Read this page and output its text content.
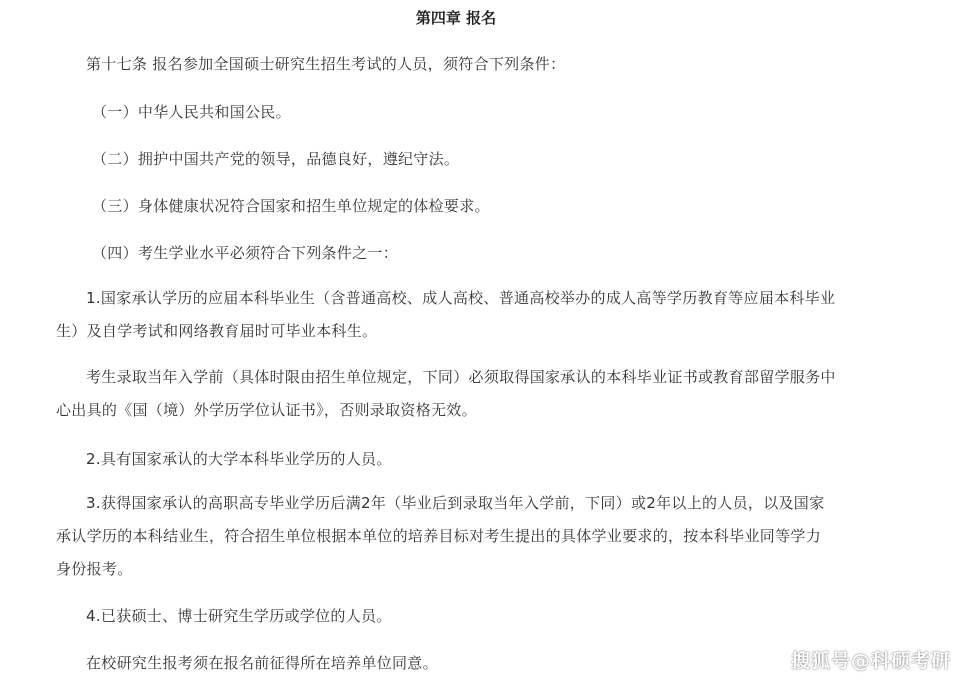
第四章 报名

第十七条 报名参加全国硕士研究生招生考试的人员，须符合下列条件：

（一）中华人民共和国公民。

（二）拥护中国共产党的领导，品德良好，遵纪守法。

（三）身体健康状况符合国家和招生单位规定的体检要求。

（四）考生学业水平必须符合下列条件之一：

1.国家承认学历的应届本科毕业生（含普通高校、成人高校、普通高校举办的成人高等学历教育等应届本科毕业生）及自学考试和网络教育届时可毕业本科生。

考生录取当年入学前（具体时限由招生单位规定，下同）必须取得国家承认的本科毕业证书或教育部留学服务中心出具的《国（境）外学历学位认证书》，否则录取资格无效。

2.具有国家承认的大学本科毕业学历的人员。

3.获得国家承认的高职高专毕业学历后满2年（毕业后到录取当年入学前，下同）或2年以上的人员，以及国家承认学历的本科结业生，符合招生单位根据本单位的培养目标对考生提出的具体学业要求的，按本科毕业同等学力身份报考。

4.已获硕士、博士研究生学历或学位的人员。

在校研究生报考须在报名前征得所在培养单位同意。	搜狐号@科硕考研
